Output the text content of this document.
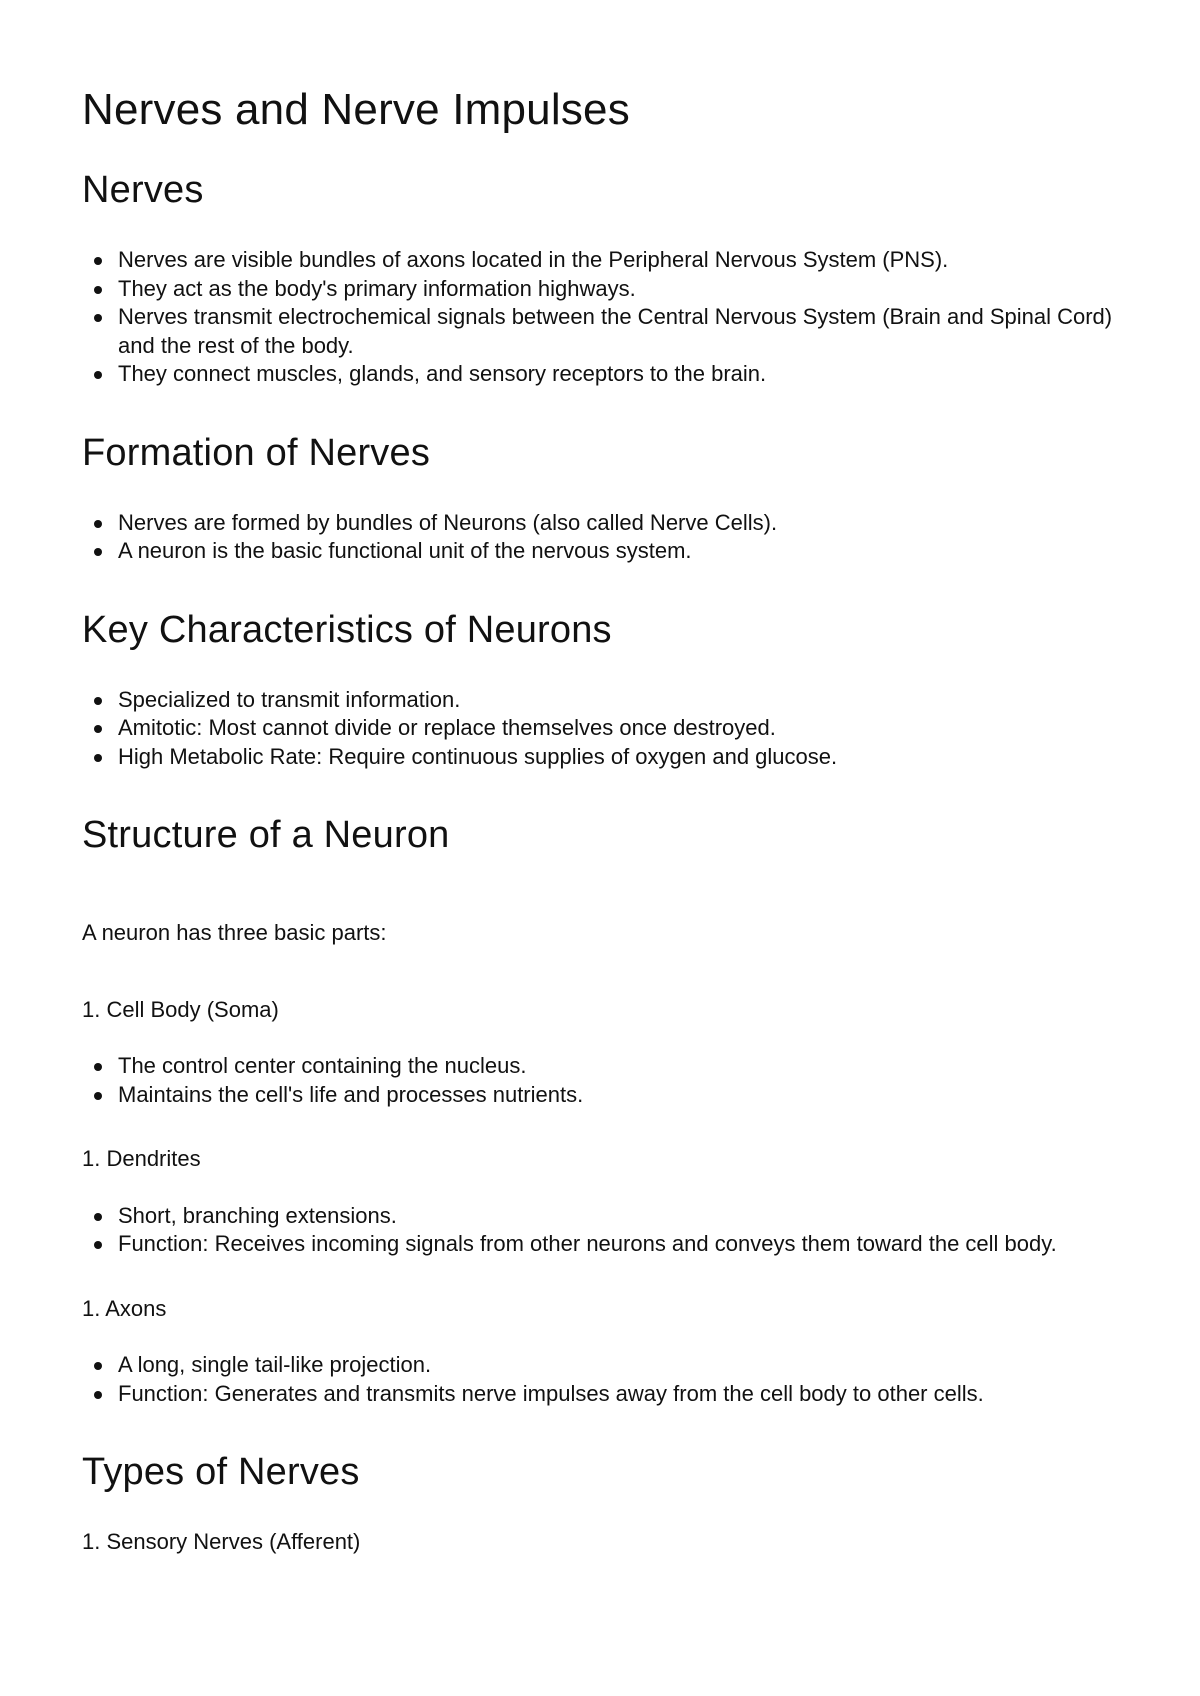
Nerves and Nerve Impulses
Nerves
Nerves are visible bundles of axons located in the Peripheral Nervous System (PNS).
They act as the body's primary information highways.
Nerves transmit electrochemical signals between the Central Nervous System (Brain and Spinal Cord) and the rest of the body.
They connect muscles, glands, and sensory receptors to the brain.
Formation of Nerves
Nerves are formed by bundles of Neurons (also called Nerve Cells).
A neuron is the basic functional unit of the nervous system.
Key Characteristics of Neurons
Specialized to transmit information.
Amitotic: Most cannot divide or replace themselves once destroyed.
High Metabolic Rate: Require continuous supplies of oxygen and glucose.
Structure of a Neuron

A neuron has three basic parts:

1. Cell Body (Soma)

The control center containing the nucleus.
Maintains the cell's life and processes nutrients.

1. Dendrites

Short, branching extensions.
Function: Receives incoming signals from other neurons and conveys them toward the cell body.

1. Axons

A long, single tail-like projection.
Function: Generates and transmits nerve impulses away from the cell body to other cells.
Types of Nerves

1. Sensory Nerves (Afferent)
